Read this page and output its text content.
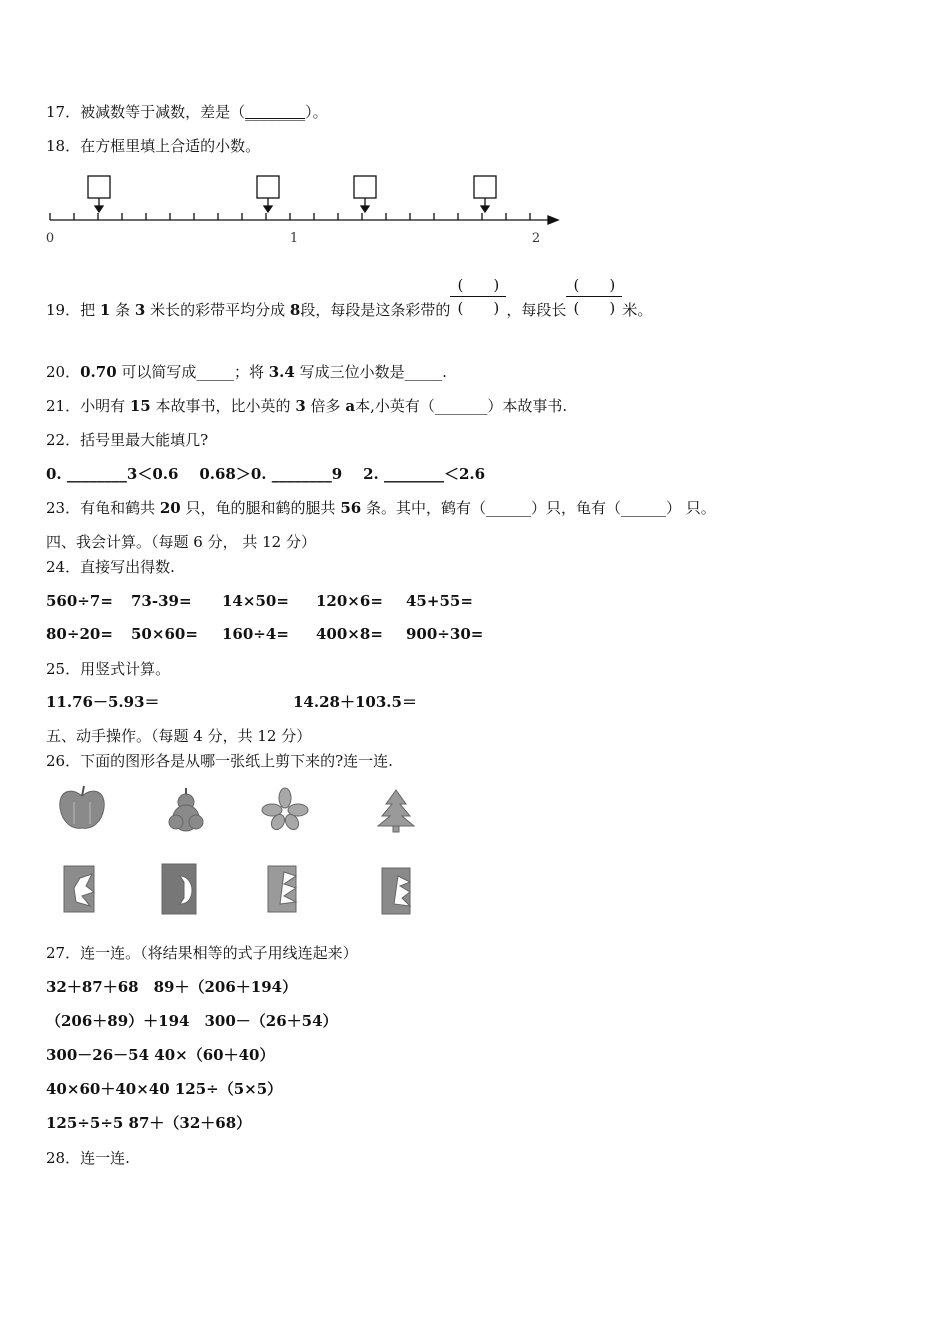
17．被减数等于减数，差是（________）。
18．在方框里填上合适的小数。
0	1	2
19．把 1 条 3 米长的彩带平均分成 8段，每段是这条彩带的 $\frac{( )}{( )}$ ，每段长 $\frac{( )}{( )}$ 米。
20．0.70 可以简写成_____；将 3.4 写成三位小数是_____.
21．小明有 15 本故事书，比小英的 3 倍多 a本,小英有（_______）本故事书.
22．括号里最大能填几?
0. ________3＜0.6 0.68＞0. ________9 2. ________＜2.6
23．有龟和鹤共 20 只，龟的腿和鹤的腿共 56 条。其中，鹤有（______）只，龟有（______） 只。
四、我会计算。（每题 6 分， 共 12 分）
24．直接写出得数.
560÷7= 73-39= 14×50= 120×6= 45+55=
80÷20= 50×60= 160÷4= 400×8= 900÷30=
25．用竖式计算。
11.76－5.93＝	14.28＋103.5＝
五、动手操作。（每题 4 分，共 12 分）
26．下面的图形各是从哪一张纸上剪下来的?连一连.
27．连一连。（将结果相等的式子用线连起来）
32＋87＋68　89＋（206＋194）
（206＋89）＋194　300－（26＋54）
300－26－54 40×（60＋40）
40×60＋40×40 125÷（5×5）
125÷5÷5 87＋（32＋68）
28．连一连.
